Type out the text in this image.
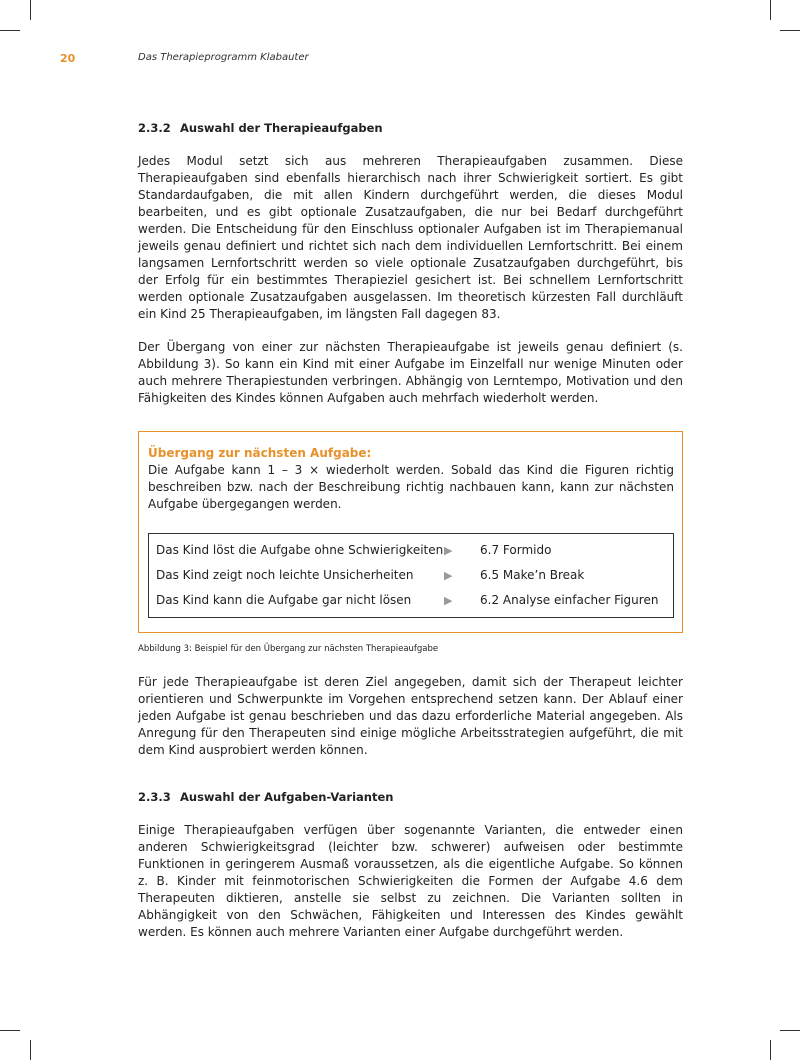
20	Das Therapieprogramm Klabauter
2.3.2 Auswahl der Therapieaufgaben

Jedes Modul setzt sich aus mehreren Therapieaufgaben zusammen. Diese Therapieaufgaben sind ebenfalls hierarchisch nach ihrer Schwierigkeit sortiert. Es gibt Standardaufgaben, die mit allen Kindern durchgeführt werden, die dieses Modul bearbeiten, und es gibt optionale Zusatzaufgaben, die nur bei Bedarf durchgeführt werden. Die Entscheidung für den Einschluss optionaler Aufgaben ist im Therapiemanual jeweils genau definiert und richtet sich nach dem individuellen Lernfortschritt. Bei einem langsamen Lernfortschritt werden so viele optionale Zusatzaufgaben durchgeführt, bis der Erfolg für ein bestimmtes Therapieziel gesichert ist. Bei schnellem Lernfortschritt werden optionale Zusatzaufgaben ausgelassen. Im theoretisch kürzesten Fall durchläuft ein Kind 25 Therapieaufgaben, im längsten Fall dagegen 83.

Der Übergang von einer zur nächsten Therapieaufgabe ist jeweils genau definiert (s. Abbildung 3). So kann ein Kind mit einer Aufgabe im Einzelfall nur wenige Minuten oder auch mehrere Therapiestunden verbringen. Abhängig von Lerntempo, Motivation und den Fähigkeiten des Kindes können Aufgaben auch mehrfach wiederholt werden.

Übergang zur nächsten Aufgabe:
Die Aufgabe kann 1 – 3 × wiederholt werden. Sobald das Kind die Figuren richtig beschreiben bzw. nach der Beschreibung richtig nachbauen kann, kann zur nächsten Aufgabe übergegangen werden.
Das Kind löst die Aufgabe ohne Schwierigkeiten ▶	6.7 Formido
Das Kind zeigt noch leichte Unsicherheiten	▶	6.5 Make’n Break
Das Kind kann die Aufgabe gar nicht lösen	▶	6.2 Analyse einfacher Figuren
Abbildung 3: Beispiel für den Übergang zur nächsten Therapieaufgabe

Für jede Therapieaufgabe ist deren Ziel angegeben, damit sich der Therapeut leichter orientieren und Schwerpunkte im Vorgehen entsprechend setzen kann. Der Ablauf einer jeden Aufgabe ist genau beschrieben und das dazu erforderliche Material angegeben. Als Anregung für den Therapeuten sind einige mögliche Arbeitsstrategien aufgeführt, die mit dem Kind ausprobiert werden können.

2.3.3 Auswahl der Aufgaben-Varianten

Einige Therapieaufgaben verfügen über sogenannte Varianten, die entweder einen anderen Schwierigkeitsgrad (leichter bzw. schwerer) aufweisen oder bestimmte Funktionen in geringerem Ausmaß voraussetzen, als die eigentliche Aufgabe. So können z. B. Kinder mit feinmotorischen Schwierigkeiten die Formen der Aufgabe 4.6 dem Therapeuten diktieren, anstelle sie selbst zu zeichnen. Die Varianten sollten in Abhängigkeit von den Schwächen, Fähigkeiten und Interessen des Kindes gewählt werden. Es können auch mehrere Varianten einer Aufgabe durchgeführt werden.
